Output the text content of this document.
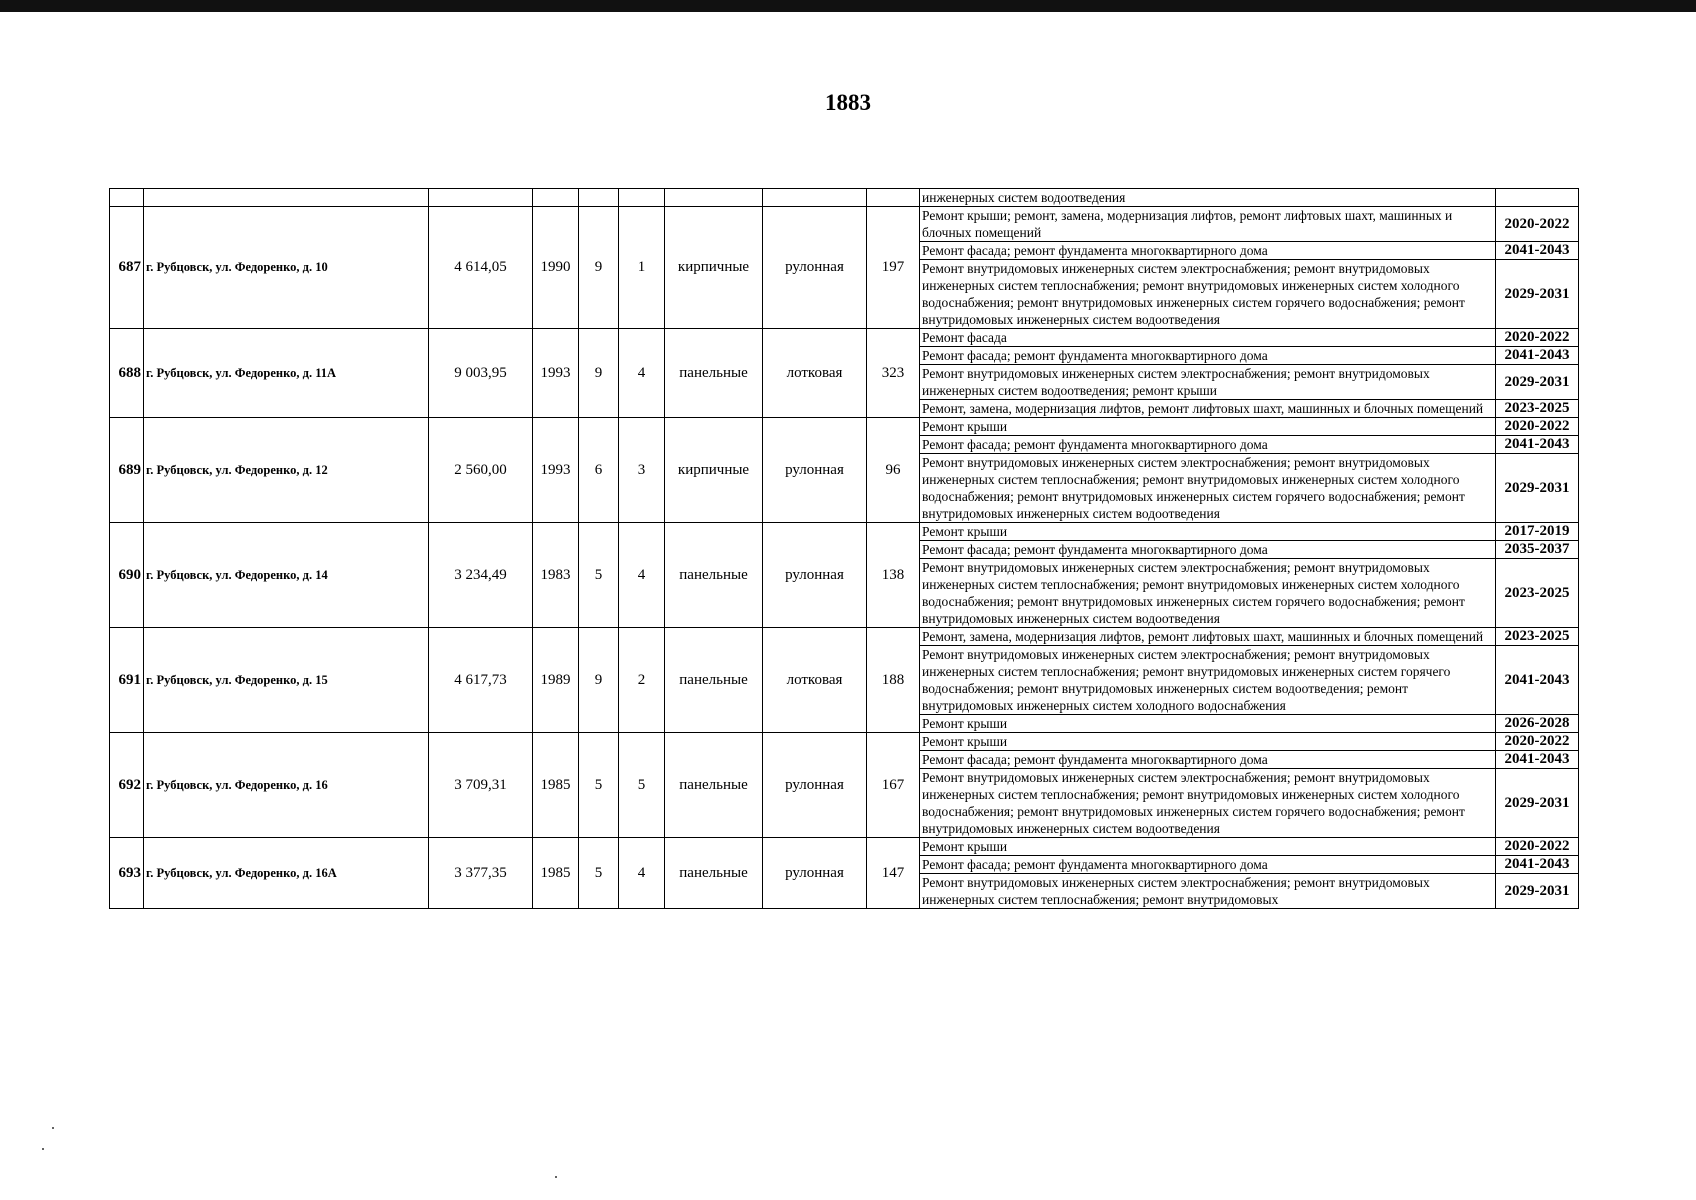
1883
									инженерных систем водоотведения	
687	г. Рубцовск, ул. Федоренко, д. 10	4 614,05	1990	9	1	кирпичные	рулонная	197	Ремонт крыши; ремонт, замена, модернизация лифтов, ремонт лифтовых шахт, машинных и блочных помещений	2020-2022
									Ремонт фасада; ремонт фундамента многоквартирного дома	2041-2043
									Ремонт внутридомовых инженерных систем электроснабжения; ремонт внутридомовых инженерных систем теплоснабжения; ремонт внутридомовых инженерных систем холодного водоснабжения; ремонт внутридомовых инженерных систем горячего водоснабжения; ремонт внутридомовых инженерных систем водоотведения	2029-2031
688	г. Рубцовск, ул. Федоренко, д. 11А	9 003,95	1993	9	4	панельные	лотковая	323	Ремонт фасада	2020-2022
									Ремонт фасада; ремонт фундамента многоквартирного дома	2041-2043
									Ремонт внутридомовых инженерных систем электроснабжения; ремонт внутридомовых инженерных систем водоотведения; ремонт крыши	2029-2031
									Ремонт, замена, модернизация лифтов, ремонт лифтовых шахт, машинных и блочных помещений	2023-2025
689	г. Рубцовск, ул. Федоренко, д. 12	2 560,00	1993	6	3	кирпичные	рулонная	96	Ремонт крыши	2020-2022
									Ремонт фасада; ремонт фундамента многоквартирного дома	2041-2043
									Ремонт внутридомовых инженерных систем электроснабжения; ремонт внутридомовых инженерных систем теплоснабжения; ремонт внутридомовых инженерных систем холодного водоснабжения; ремонт внутридомовых инженерных систем горячего водоснабжения; ремонт внутридомовых инженерных систем водоотведения	2029-2031
690	г. Рубцовск, ул. Федоренко, д. 14	3 234,49	1983	5	4	панельные	рулонная	138	Ремонт крыши	2017-2019
									Ремонт фасада; ремонт фундамента многоквартирного дома	2035-2037
									Ремонт внутридомовых инженерных систем электроснабжения; ремонт внутридомовых инженерных систем теплоснабжения; ремонт внутридомовых инженерных систем холодного водоснабжения; ремонт внутридомовых инженерных систем горячего водоснабжения; ремонт внутридомовых инженерных систем водоотведения	2023-2025
691	г. Рубцовск, ул. Федоренко, д. 15	4 617,73	1989	9	2	панельные	лотковая	188	Ремонт, замена, модернизация лифтов, ремонт лифтовых шахт, машинных и блочных помещений	2023-2025
									Ремонт внутридомовых инженерных систем электроснабжения; ремонт внутридомовых инженерных систем теплоснабжения; ремонт внутридомовых инженерных систем горячего водоснабжения; ремонт внутридомовых инженерных систем водоотведения; ремонт внутридомовых инженерных систем холодного водоснабжения	2041-2043
									Ремонт крыши	2026-2028
692	г. Рубцовск, ул. Федоренко, д. 16	3 709,31	1985	5	5	панельные	рулонная	167	Ремонт крыши	2020-2022
									Ремонт фасада; ремонт фундамента многоквартирного дома	2041-2043
									Ремонт внутридомовых инженерных систем электроснабжения; ремонт внутридомовых инженерных систем теплоснабжения; ремонт внутридомовых инженерных систем холодного водоснабжения; ремонт внутридомовых инженерных систем горячего водоснабжения; ремонт внутридомовых инженерных систем водоотведения	2029-2031
693	г. Рубцовск, ул. Федоренко, д. 16А	3 377,35	1985	5	4	панельные	рулонная	147	Ремонт крыши	2020-2022
									Ремонт фасада; ремонт фундамента многоквартирного дома	2041-2043
									Ремонт внутридомовых инженерных систем электроснабжения; ремонт внутридомовых инженерных систем теплоснабжения; ремонт внутридомовых	2029-2031
